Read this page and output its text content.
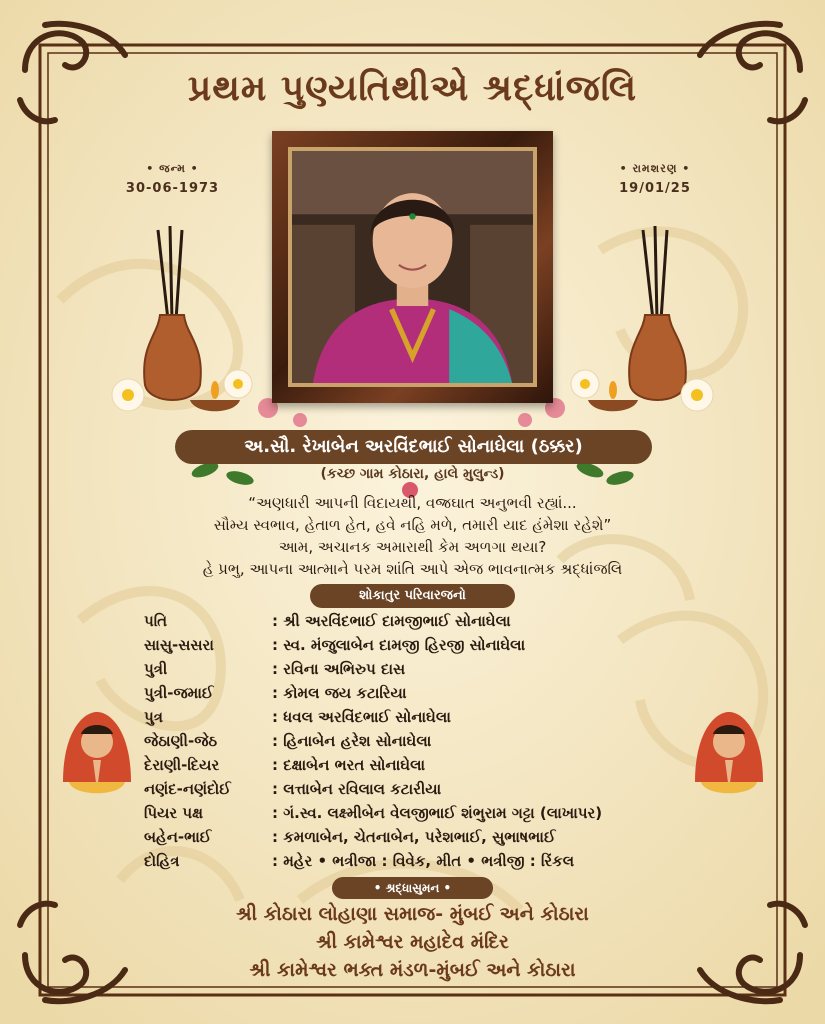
પ્રથમ પુણ્યતિથીએ શ્રદ્ધાંજલિ
• જન્મ •
30-06-1973
• રામશરણ •
19/01/25
અ.સૌ. રેખાબેન અરવિંદભાઈ સોનાઘેલા (ઠક્કર)
(કચ્છ ગામ કોઠારા, હાલે મુલુન્ડ)
“અણધારી આપની વિદાયથી, વજ્રઘાત અનુભવી રહ્યાં...
સૌમ્ય સ્વભાવ, હેતાળ હેત, હવે નહિ મળે, તમારી યાદ હંમેશા રહેશે”
આમ, અચાનક અમારાથી કેમ અળગા થયા?
હે પ્રભુ, આપના આત્માને પરમ શાંતિ આપે એજ ભાવનાત્મક શ્રદ્ધાંજલિ
શોકાતુર પરિવારજનો
પતિ	: શ્રી અરવિંદભાઈ દામજીભાઈ સોનાઘેલા
સાસુ-સસરા	: સ્વ. મંજુલાબેન દામજી હિરજી સોનાઘેલા
પુત્રી	: રવિના અભિરુપ દાસ
પુત્રી-જમાઈ	: કોમલ જય કટારિયા
પુત્ર	: ધવલ અરવિંદભાઈ સોનાઘેલા
જેઠાણી-જેઠ	: હિનાબેન હરેશ સોનાઘેલા
દેરાણી-દિયર	: દક્ષાબેન ભરત સોનાઘેલા
નણંદ-નણંદોઈ	: લત્તાબેન રવિલાલ કટારીયા
પિયર પક્ષ	: ગં.સ્વ. લક્ષ્મીબેન વેલજીભાઈ શંભુરામ ગટ્ટા (લાખાપર)
બહેન-ભાઈ	: કમળાબેન, ચેતનાબેન, પરેશભાઈ, સુભાષભાઈ
દોહિત્ર	: મહેર • ભત્રીજા : વિવેક, મીત • ભત્રીજી : રિંકલ
• શ્રદ્ધાસુમન •
શ્રી કોઠારા લોહાણા સમાજ- મુંબઈ અને કોઠારા
શ્રી કામેશ્વર મહાદેવ મંદિર
શ્રી કામેશ્વર ભક્ત મંડળ-મુંબઈ અને કોઠારા
